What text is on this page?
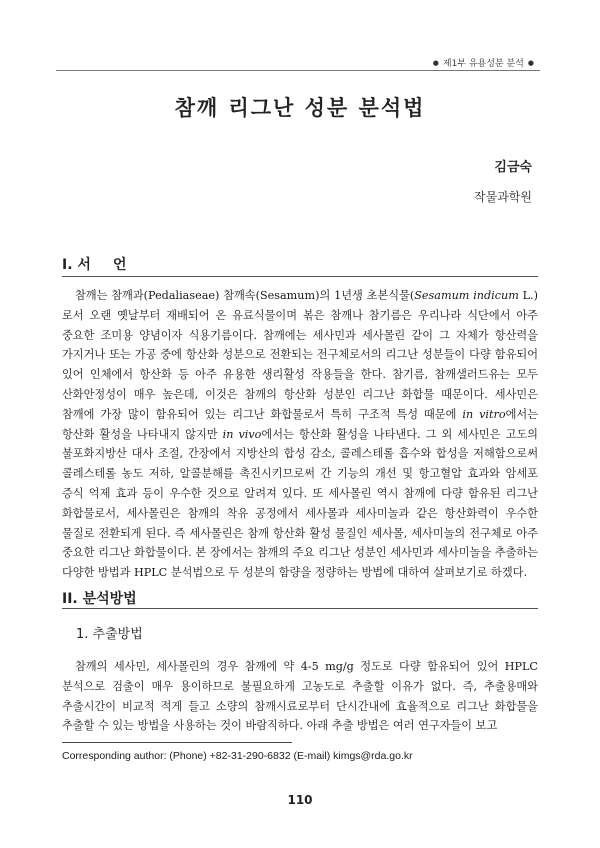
● 제1부 유용성분 분석 ●
참깨 리그난 성분 분석법
김금숙
작물과학원
I. 서 언
참깨는 참깨과(Pedaliaseae) 참깨속(Sesamum)의 1년생 초본식물(Sesamum indicum L.)로서 오랜 옛날부터 재배되어 온 유료식물이며 볶은 참깨나 참기름은 우리나라 식단에서 아주 중요한 조미용 양념이자 식용기름이다. 참깨에는 세사민과 세사몰린 같이 그 자체가 항산력을 가지거나 또는 가공 중에 항산화 성분으로 전환되는 전구체로서의 리그난 성분들이 다량 함유되어 있어 인체에서 항산화 등 아주 유용한 생리활성 작용들을 한다. 참기름, 참깨샐러드유는 모두 산화안정성이 매우 높은데, 이것은 참깨의 항산화 성분인 리그난 화합물 때문이다. 세사민은 참깨에 가장 많이 함유되어 있는 리그난 화합물로서 특히 구조적 특성 때문에 in vitro에서는 항산화 활성을 나타내지 않지만 in vivo에서는 항산화 활성을 나타낸다. 그 외 세사민은 고도의 불포화지방산 대사 조절, 간장에서 지방산의 합성 감소, 콜레스테롤 흡수와 합성을 저해함으로써 콜레스테롤 농도 저하, 알콜분해를 촉진시키므로써 간 기능의 개선 및 항고혈압 효과와 암세포 증식 억제 효과 등이 우수한 것으로 알려져 있다. 또 세사몰린 역시 참깨에 다량 함유된 리그난 화합물로서, 세사몰린은 참깨의 착유 공정에서 세사몰과 세사미놀과 같은 항산화력이 우수한 물질로 전환되게 된다. 즉 세사몰린은 참깨 항산화 활성 물질인 세사몰, 세사미놀의 전구체로 아주 중요한 리그난 화합물이다. 본 장에서는 참깨의 주요 리그난 성분인 세사민과 세사미놀을 추출하는 다양한 방법과 HPLC 분석법으로 두 성분의 함량을 정량하는 방법에 대하여 살펴보기로 하겠다.
II. 분석방법
1. 추출방법
참깨의 세사민, 세사몰린의 경우 참깨에 약 4-5 mg/g 정도로 다량 함유되어 있어 HPLC 분석으로 검출이 매우 용이하므로 불필요하게 고농도로 추출할 이유가 없다. 즉, 추출용매와 추출시간이 비교적 적게 들고 소량의 참깨시료로부터 단시간내에 효율적으로 리그난 화합물을 추출할 수 있는 방법을 사용하는 것이 바람직하다. 아래 추출 방법은 여러 연구자들이 보고
Corresponding author: (Phone) +82-31-290-6832 (E-mail) kimgs@rda.go.kr
110
